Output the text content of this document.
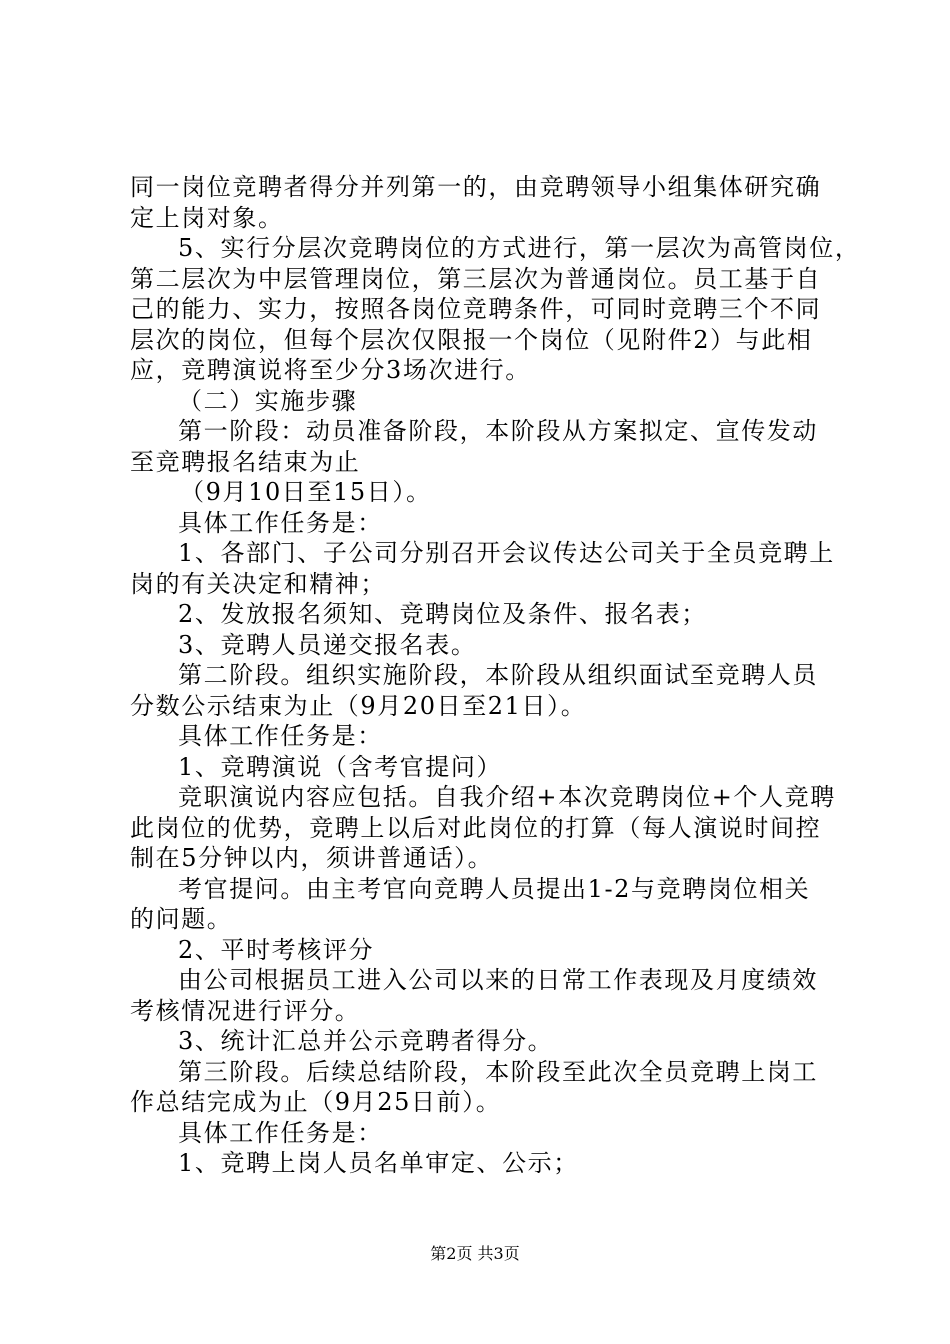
同一岗位竞聘者得分并列第一的，由竞聘领导小组集体研究确
定上岗对象。
5、实行分层次竞聘岗位的方式进行，第一层次为高管岗位，
第二层次为中层管理岗位，第三层次为普通岗位。员工基于自
己的能力、实力，按照各岗位竞聘条件，可同时竞聘三个不同
层次的岗位，但每个层次仅限报一个岗位（见附件2）与此相
应，竞聘演说将至少分3场次进行。
（二）实施步骤
第一阶段：动员准备阶段，本阶段从方案拟定、宣传发动
至竞聘报名结束为止
（9月10日至15日）。
具体工作任务是：
1、各部门、子公司分别召开会议传达公司关于全员竞聘上
岗的有关决定和精神；
2、发放报名须知、竞聘岗位及条件、报名表；
3、竞聘人员递交报名表。
第二阶段。组织实施阶段，本阶段从组织面试至竞聘人员
分数公示结束为止（9月20日至21日）。
具体工作任务是：
1、竞聘演说（含考官提问）
竞职演说内容应包括。自我介绍+本次竞聘岗位+个人竞聘
此岗位的优势，竞聘上以后对此岗位的打算（每人演说时间控
制在5分钟以内，须讲普通话）。
考官提问。由主考官向竞聘人员提出1-2与竞聘岗位相关
的问题。
2、平时考核评分
由公司根据员工进入公司以来的日常工作表现及月度绩效
考核情况进行评分。
3、统计汇总并公示竞聘者得分。
第三阶段。后续总结阶段，本阶段至此次全员竞聘上岗工
作总结完成为止（9月25日前）。
具体工作任务是：
1、竞聘上岗人员名单审定、公示；
第2页 共3页
